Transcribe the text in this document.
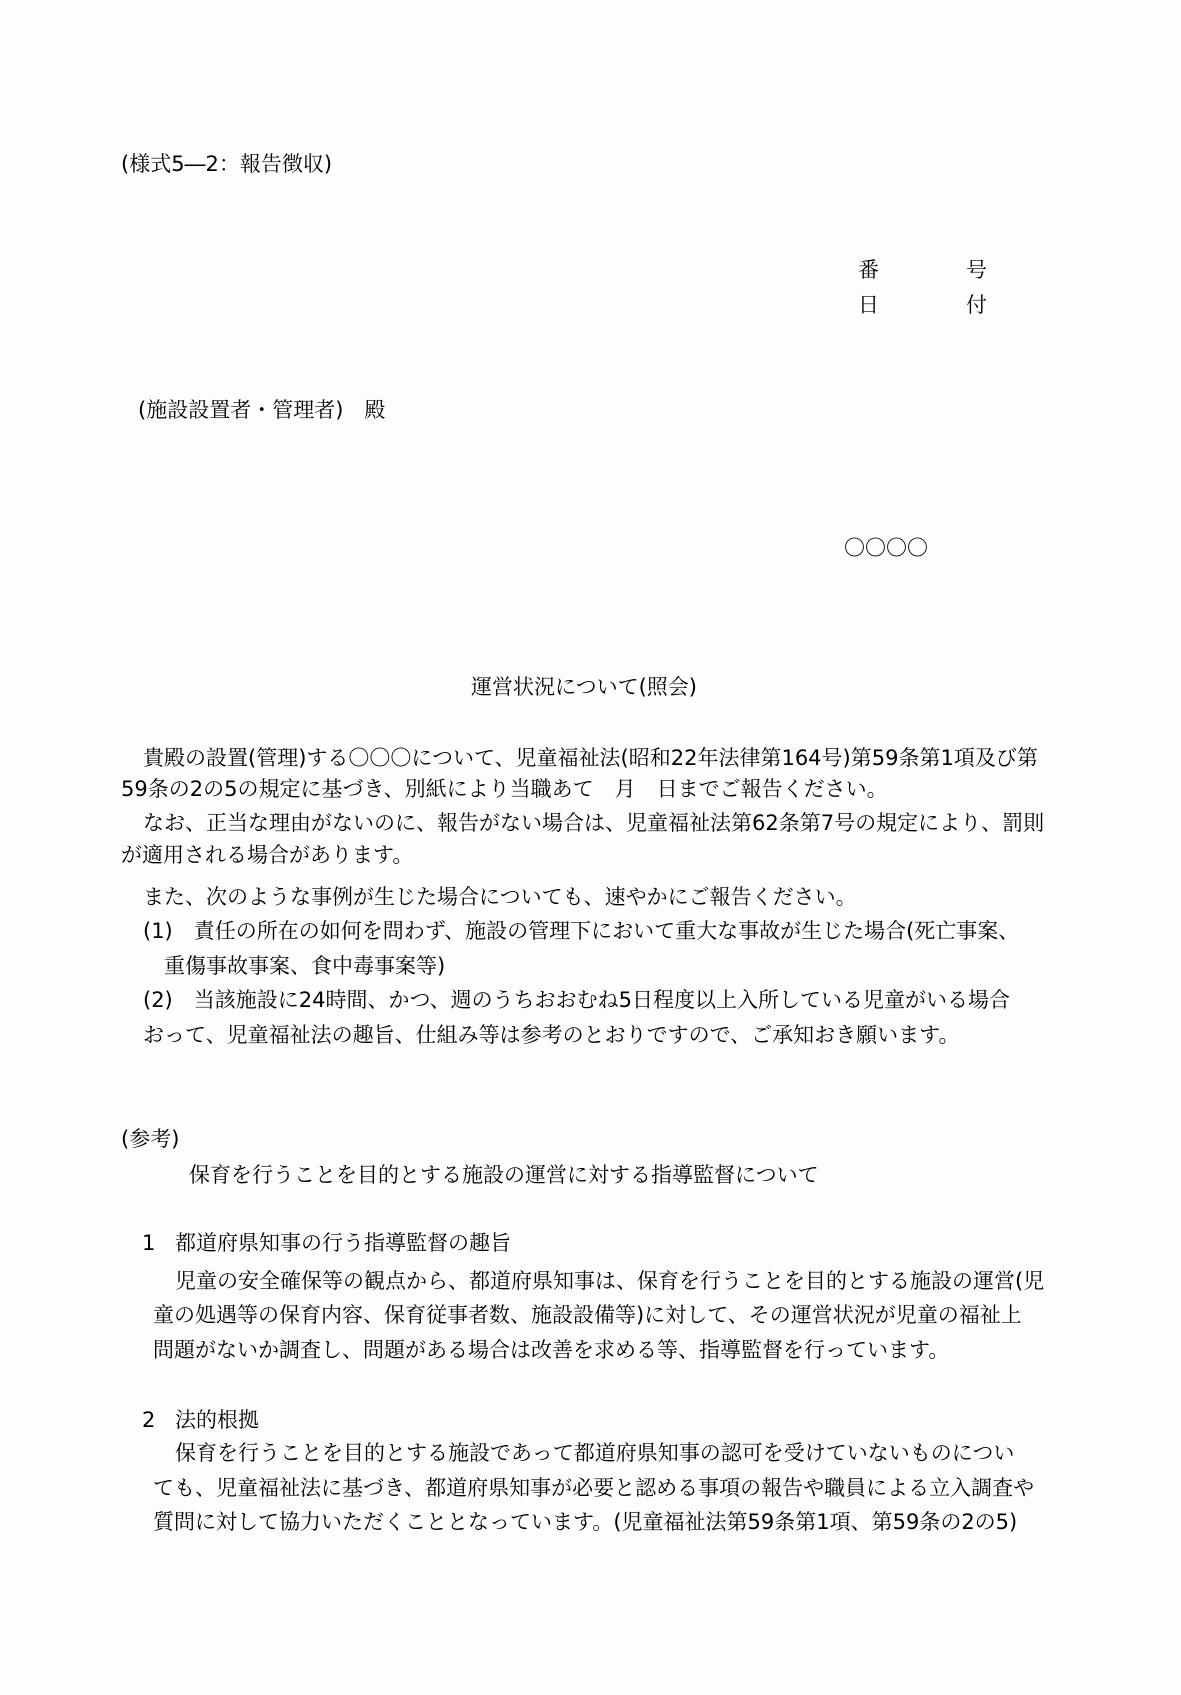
(様式5―2：報告徴収)
番	号
日	付
(施設設置者・管理者)　殿
〇〇〇〇
運営状況について(照会)
貴殿の設置(管理)する〇〇〇について、児童福祉法(昭和22年法律第164号)第59条第1項及び第
59条の2の5の規定に基づき、別紙により当職あて　月　日までご報告ください。
なお、正当な理由がないのに、報告がない場合は、児童福祉法第62条第7号の規定により、罰則
が適用される場合があります。
また、次のような事例が生じた場合についても、速やかにご報告ください。
(1)　責任の所在の如何を問わず、施設の管理下において重大な事故が生じた場合(死亡事案、
重傷事故事案、食中毒事案等)
(2)　当該施設に24時間、かつ、週のうちおおむね5日程度以上入所している児童がいる場合
おって、児童福祉法の趣旨、仕組み等は参考のとおりですので、ご承知おき願います。
(参考)
保育を行うことを目的とする施設の運営に対する指導監督について
1 都道府県知事の行う指導監督の趣旨
児童の安全確保等の観点から、都道府県知事は、保育を行うことを目的とする施設の運営(児
童の処遇等の保育内容、保育従事者数、施設設備等)に対して、その運営状況が児童の福祉上
問題がないか調査し、問題がある場合は改善を求める等、指導監督を行っています。
2 法的根拠
保育を行うことを目的とする施設であって都道府県知事の認可を受けていないものについ
ても、児童福祉法に基づき、都道府県知事が必要と認める事項の報告や職員による立入調査や
質問に対して協力いただくこととなっています。(児童福祉法第59条第1項、第59条の2の5)
